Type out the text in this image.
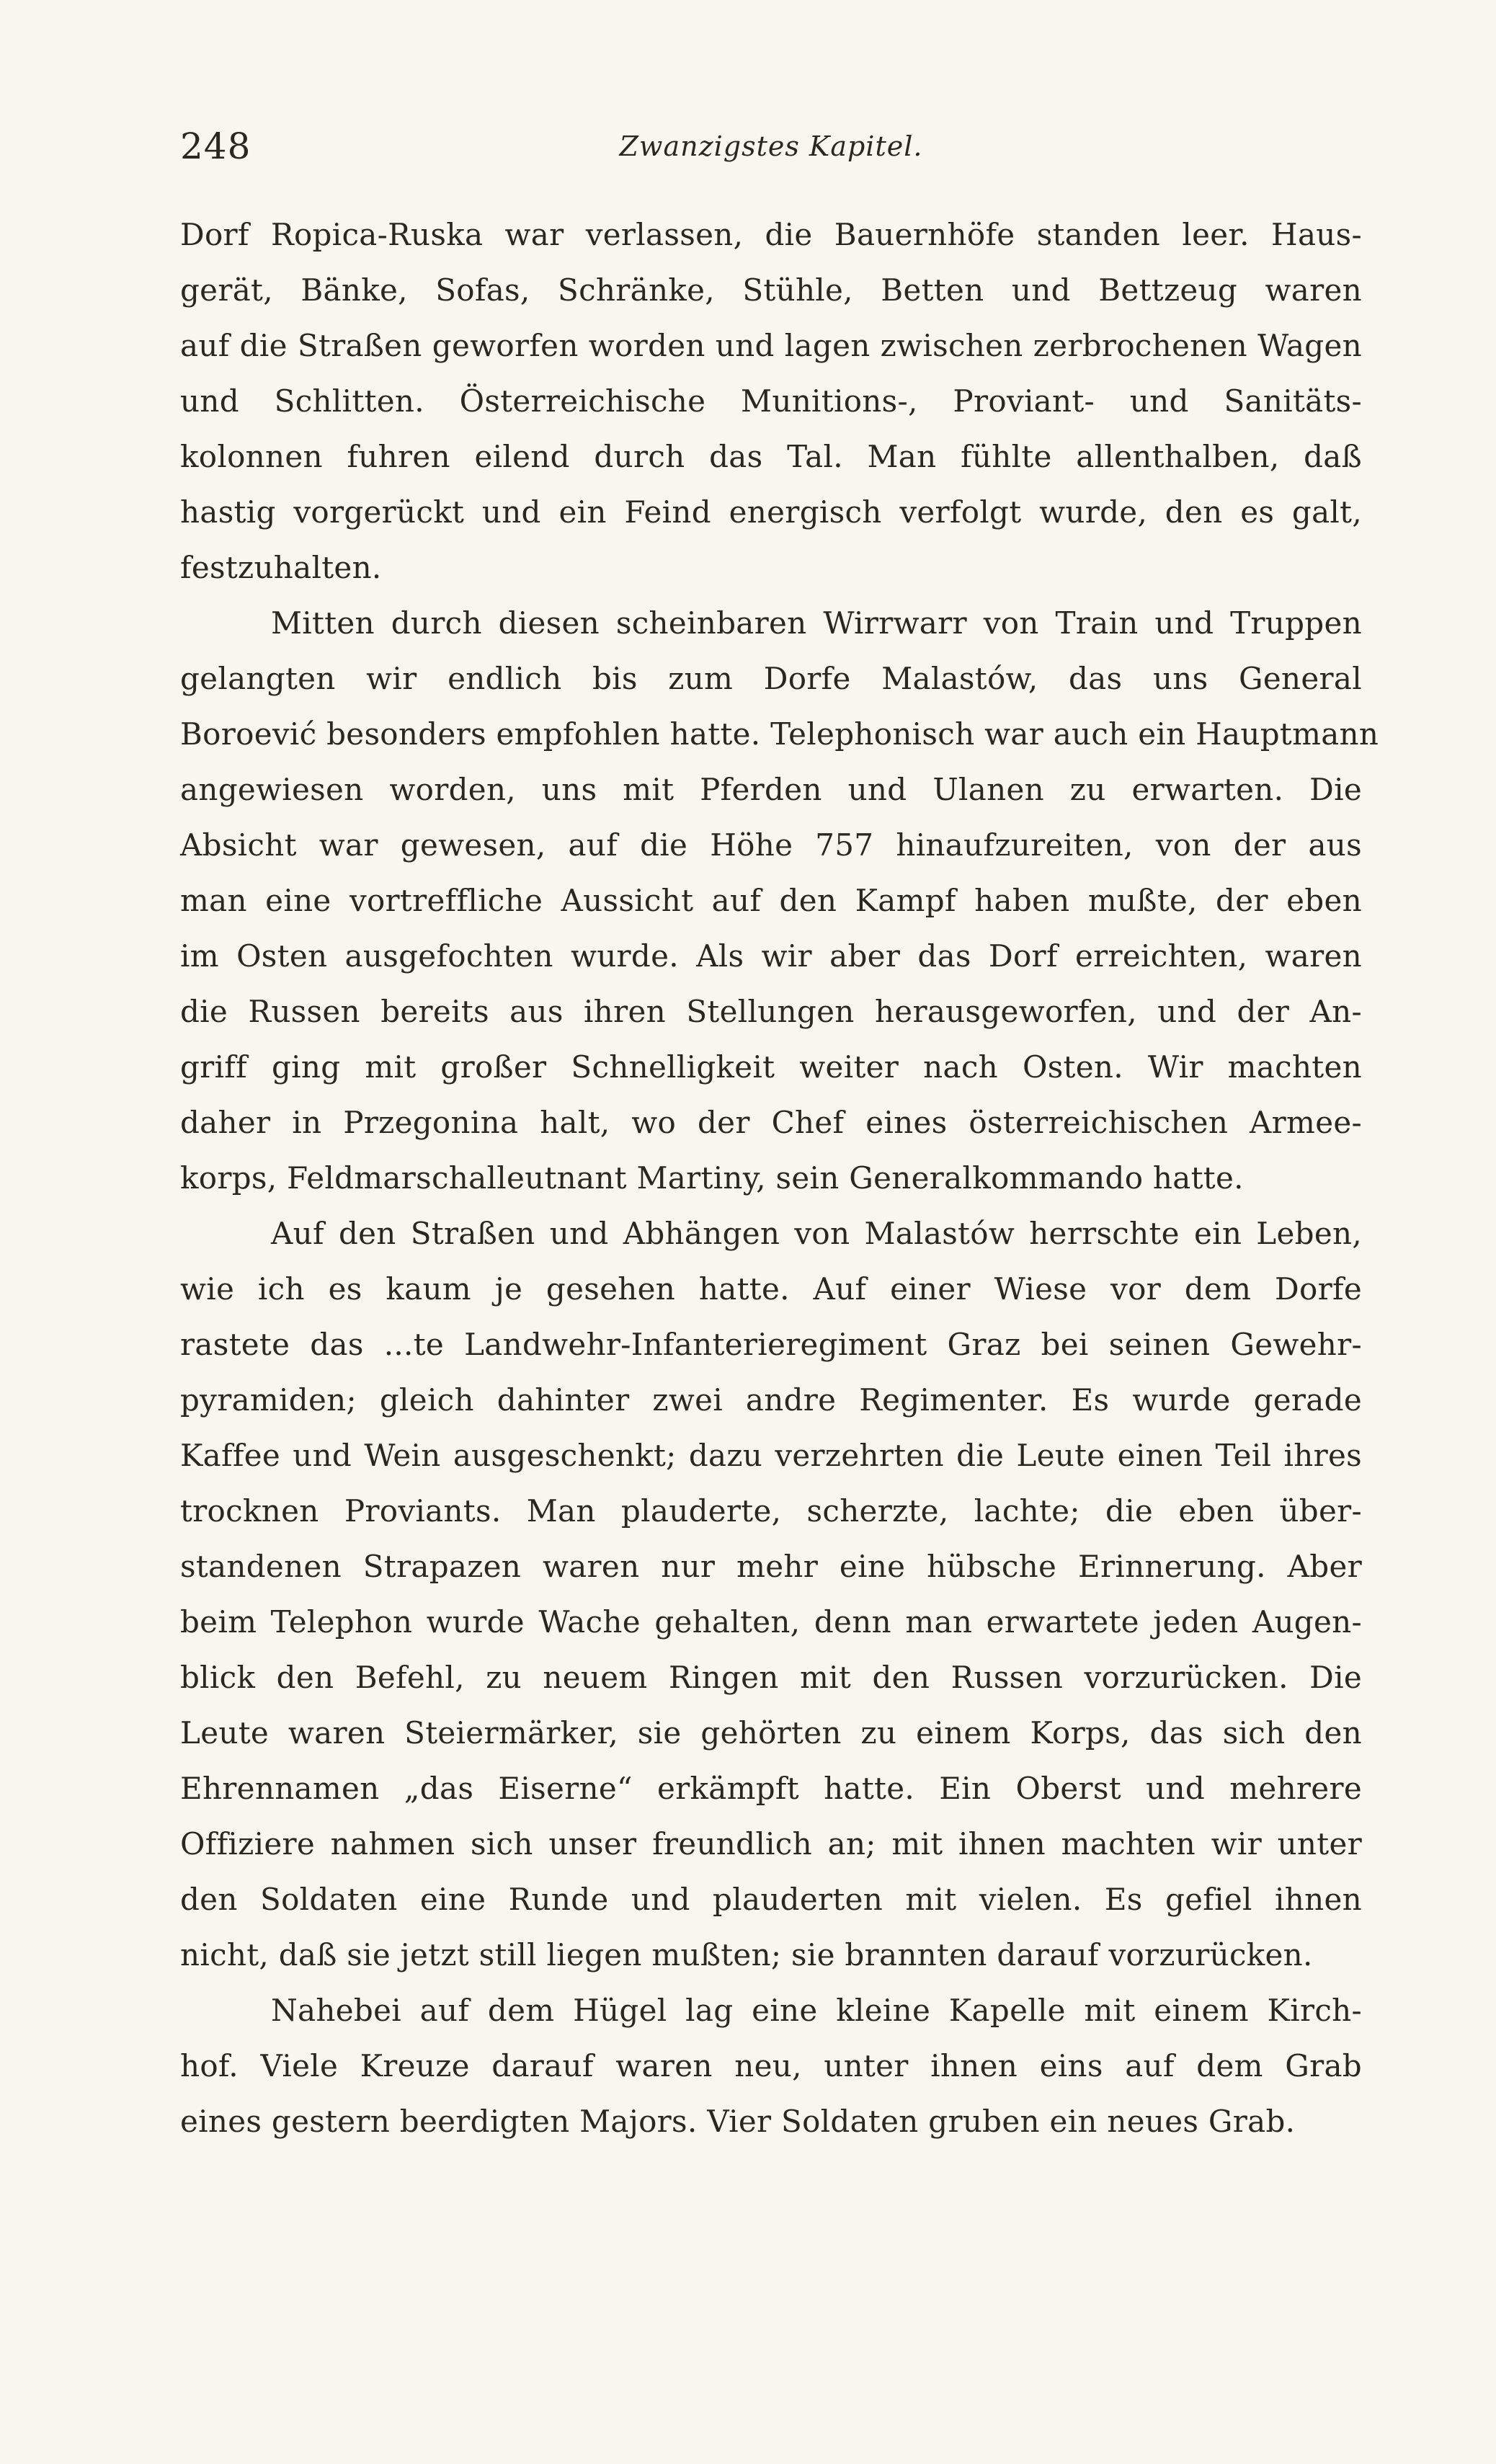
248	Zwanzigstes Kapitel.
Dorf Ropica-Ruska war verlassen, die Bauernhöfe standen leer. Haus-
gerät, Bänke, Sofas, Schränke, Stühle, Betten und Bettzeug waren
auf die Straßen geworfen worden und lagen zwischen zerbrochenen Wagen
und Schlitten. Österreichische Munitions-, Proviant- und Sanitäts-
kolonnen fuhren eilend durch das Tal. Man fühlte allenthalben, daß
hastig vorgerückt und ein Feind energisch verfolgt wurde, den es galt,
festzuhalten.
Mitten durch diesen scheinbaren Wirrwarr von Train und Truppen
gelangten wir endlich bis zum Dorfe Malastów, das uns General
Boroević besonders empfohlen hatte. Telephonisch war auch ein Hauptmann
angewiesen worden, uns mit Pferden und Ulanen zu erwarten. Die
Absicht war gewesen, auf die Höhe 757 hinaufzureiten, von der aus
man eine vortreffliche Aussicht auf den Kampf haben mußte, der eben
im Osten ausgefochten wurde. Als wir aber das Dorf erreichten, waren
die Russen bereits aus ihren Stellungen herausgeworfen, und der An-
griff ging mit großer Schnelligkeit weiter nach Osten. Wir machten
daher in Przegonina halt, wo der Chef eines österreichischen Armee-
korps, Feldmarschalleutnant Martiny, sein Generalkommando hatte.
Auf den Straßen und Abhängen von Malastów herrschte ein Leben,
wie ich es kaum je gesehen hatte. Auf einer Wiese vor dem Dorfe
rastete das ...te Landwehr-Infanterieregiment Graz bei seinen Gewehr-
pyramiden; gleich dahinter zwei andre Regimenter. Es wurde gerade
Kaffee und Wein ausgeschenkt; dazu verzehrten die Leute einen Teil ihres
trocknen Proviants. Man plauderte, scherzte, lachte; die eben über-
standenen Strapazen waren nur mehr eine hübsche Erinnerung. Aber
beim Telephon wurde Wache gehalten, denn man erwartete jeden Augen-
blick den Befehl, zu neuem Ringen mit den Russen vorzurücken. Die
Leute waren Steiermärker, sie gehörten zu einem Korps, das sich den
Ehrennamen „das Eiserne“ erkämpft hatte. Ein Oberst und mehrere
Offiziere nahmen sich unser freundlich an; mit ihnen machten wir unter
den Soldaten eine Runde und plauderten mit vielen. Es gefiel ihnen
nicht, daß sie jetzt still liegen mußten; sie brannten darauf vorzurücken.
Nahebei auf dem Hügel lag eine kleine Kapelle mit einem Kirch-
hof. Viele Kreuze darauf waren neu, unter ihnen eins auf dem Grab
eines gestern beerdigten Majors. Vier Soldaten gruben ein neues Grab.
